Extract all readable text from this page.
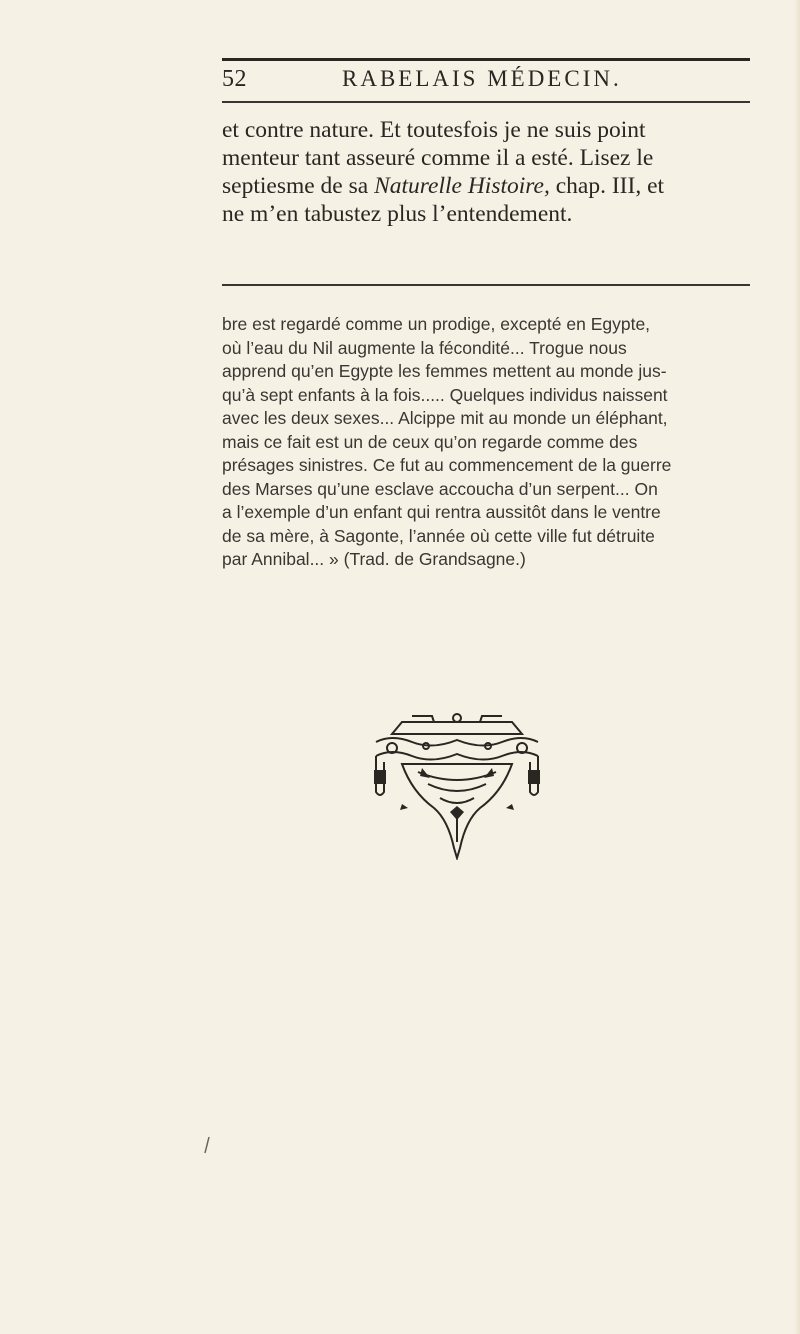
52	RABELAIS MÉDECIN.

et contre nature. Et toutesfois je ne suis point
menteur tant asseuré comme il a esté. Lisez le
septiesme de sa Naturelle Histoire, chap. III, et
ne m’en tabustez plus l’entendement.

bre est regardé comme un prodige, excepté en Egypte,
où l’eau du Nil augmente la fécondité... Trogue nous
apprend qu’en Egypte les femmes mettent au monde jus-
qu’à sept enfants à la fois..... Quelques individus naissent
avec les deux sexes... Alcippe mit au monde un éléphant,
mais ce fait est un de ceux qu’on regarde comme des
présages sinistres. Ce fut au commencement de la guerre
des Marses qu’une esclave accoucha d’un serpent... On
a l’exemple d’un enfant qui rentra aussitôt dans le ventre
de sa mère, à Sagonte, l’année où cette ville fut détruite
par Annibal... » (Trad. de Grandsagne.)
